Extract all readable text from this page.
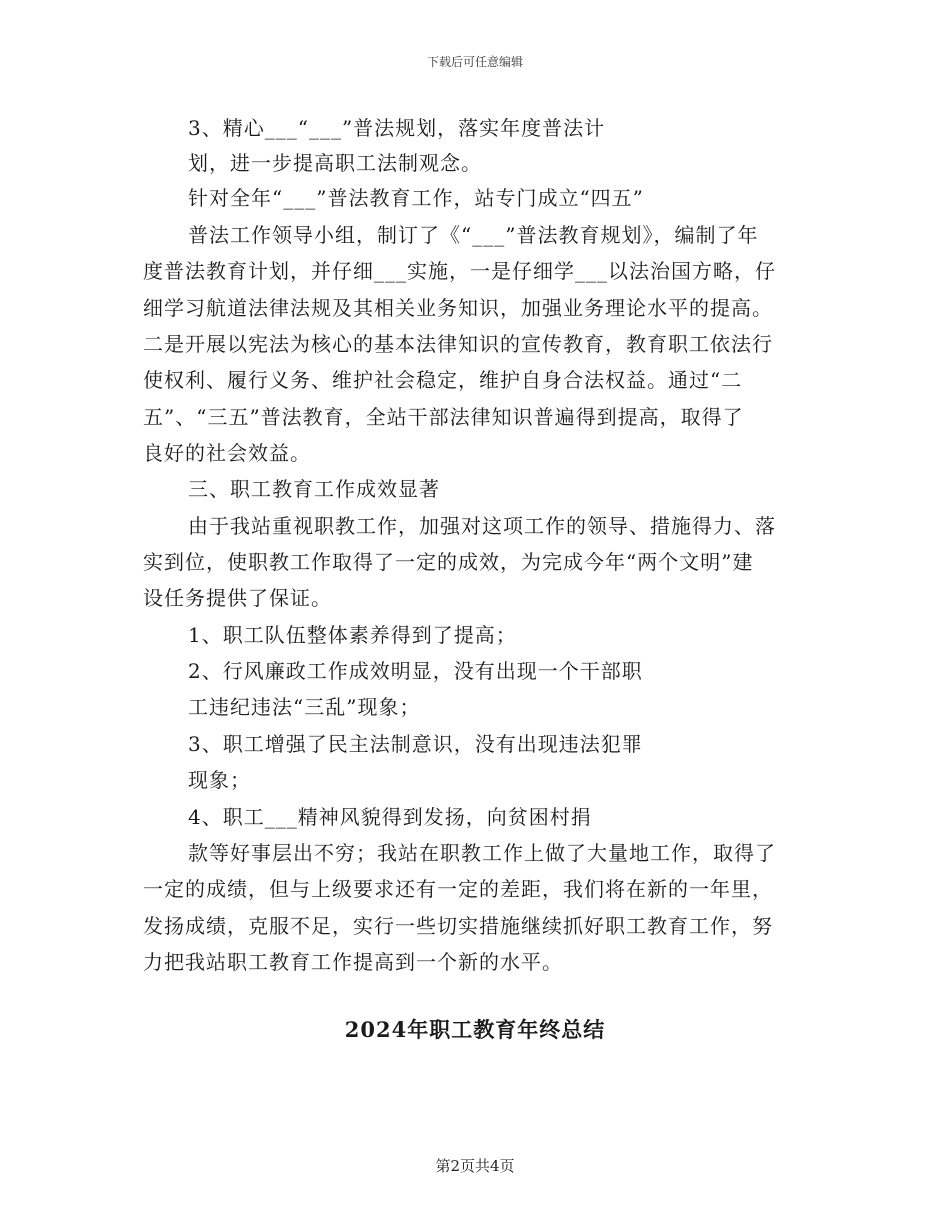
下载后可任意编辑
3、精心___“___”普法规划，落实年度普法计
划，进一步提高职工法制观念。
针对全年“___”普法教育工作，站专门成立“四五”
普法工作领导小组，制订了《“___”普法教育规划》，编制了年
度普法教育计划，并仔细___实施，一是仔细学___以法治国方略，仔
细学习航道法律法规及其相关业务知识，加强业务理论水平的提高。
二是开展以宪法为核心的基本法律知识的宣传教育，教育职工依法行
使权利、履行义务、维护社会稳定，维护自身合法权益。通过“二
五”、“三五”普法教育，全站干部法律知识普遍得到提高，取得了
良好的社会效益。
三、职工教育工作成效显著
由于我站重视职教工作，加强对这项工作的领导、措施得力、落
实到位，使职教工作取得了一定的成效，为完成今年“两个文明”建
设任务提供了保证。
1、职工队伍整体素养得到了提高；
2、行风廉政工作成效明显，没有出现一个干部职
工违纪违法“三乱”现象；
3、职工增强了民主法制意识，没有出现违法犯罪
现象；
4、职工___精神风貌得到发扬，向贫困村捐
款等好事层出不穷；我站在职教工作上做了大量地工作，取得了
一定的成绩，但与上级要求还有一定的差距，我们将在新的一年里，
发扬成绩，克服不足，实行一些切实措施继续抓好职工教育工作，努
力把我站职工教育工作提高到一个新的水平。
2024年职工教育年终总结
第2页共4页
